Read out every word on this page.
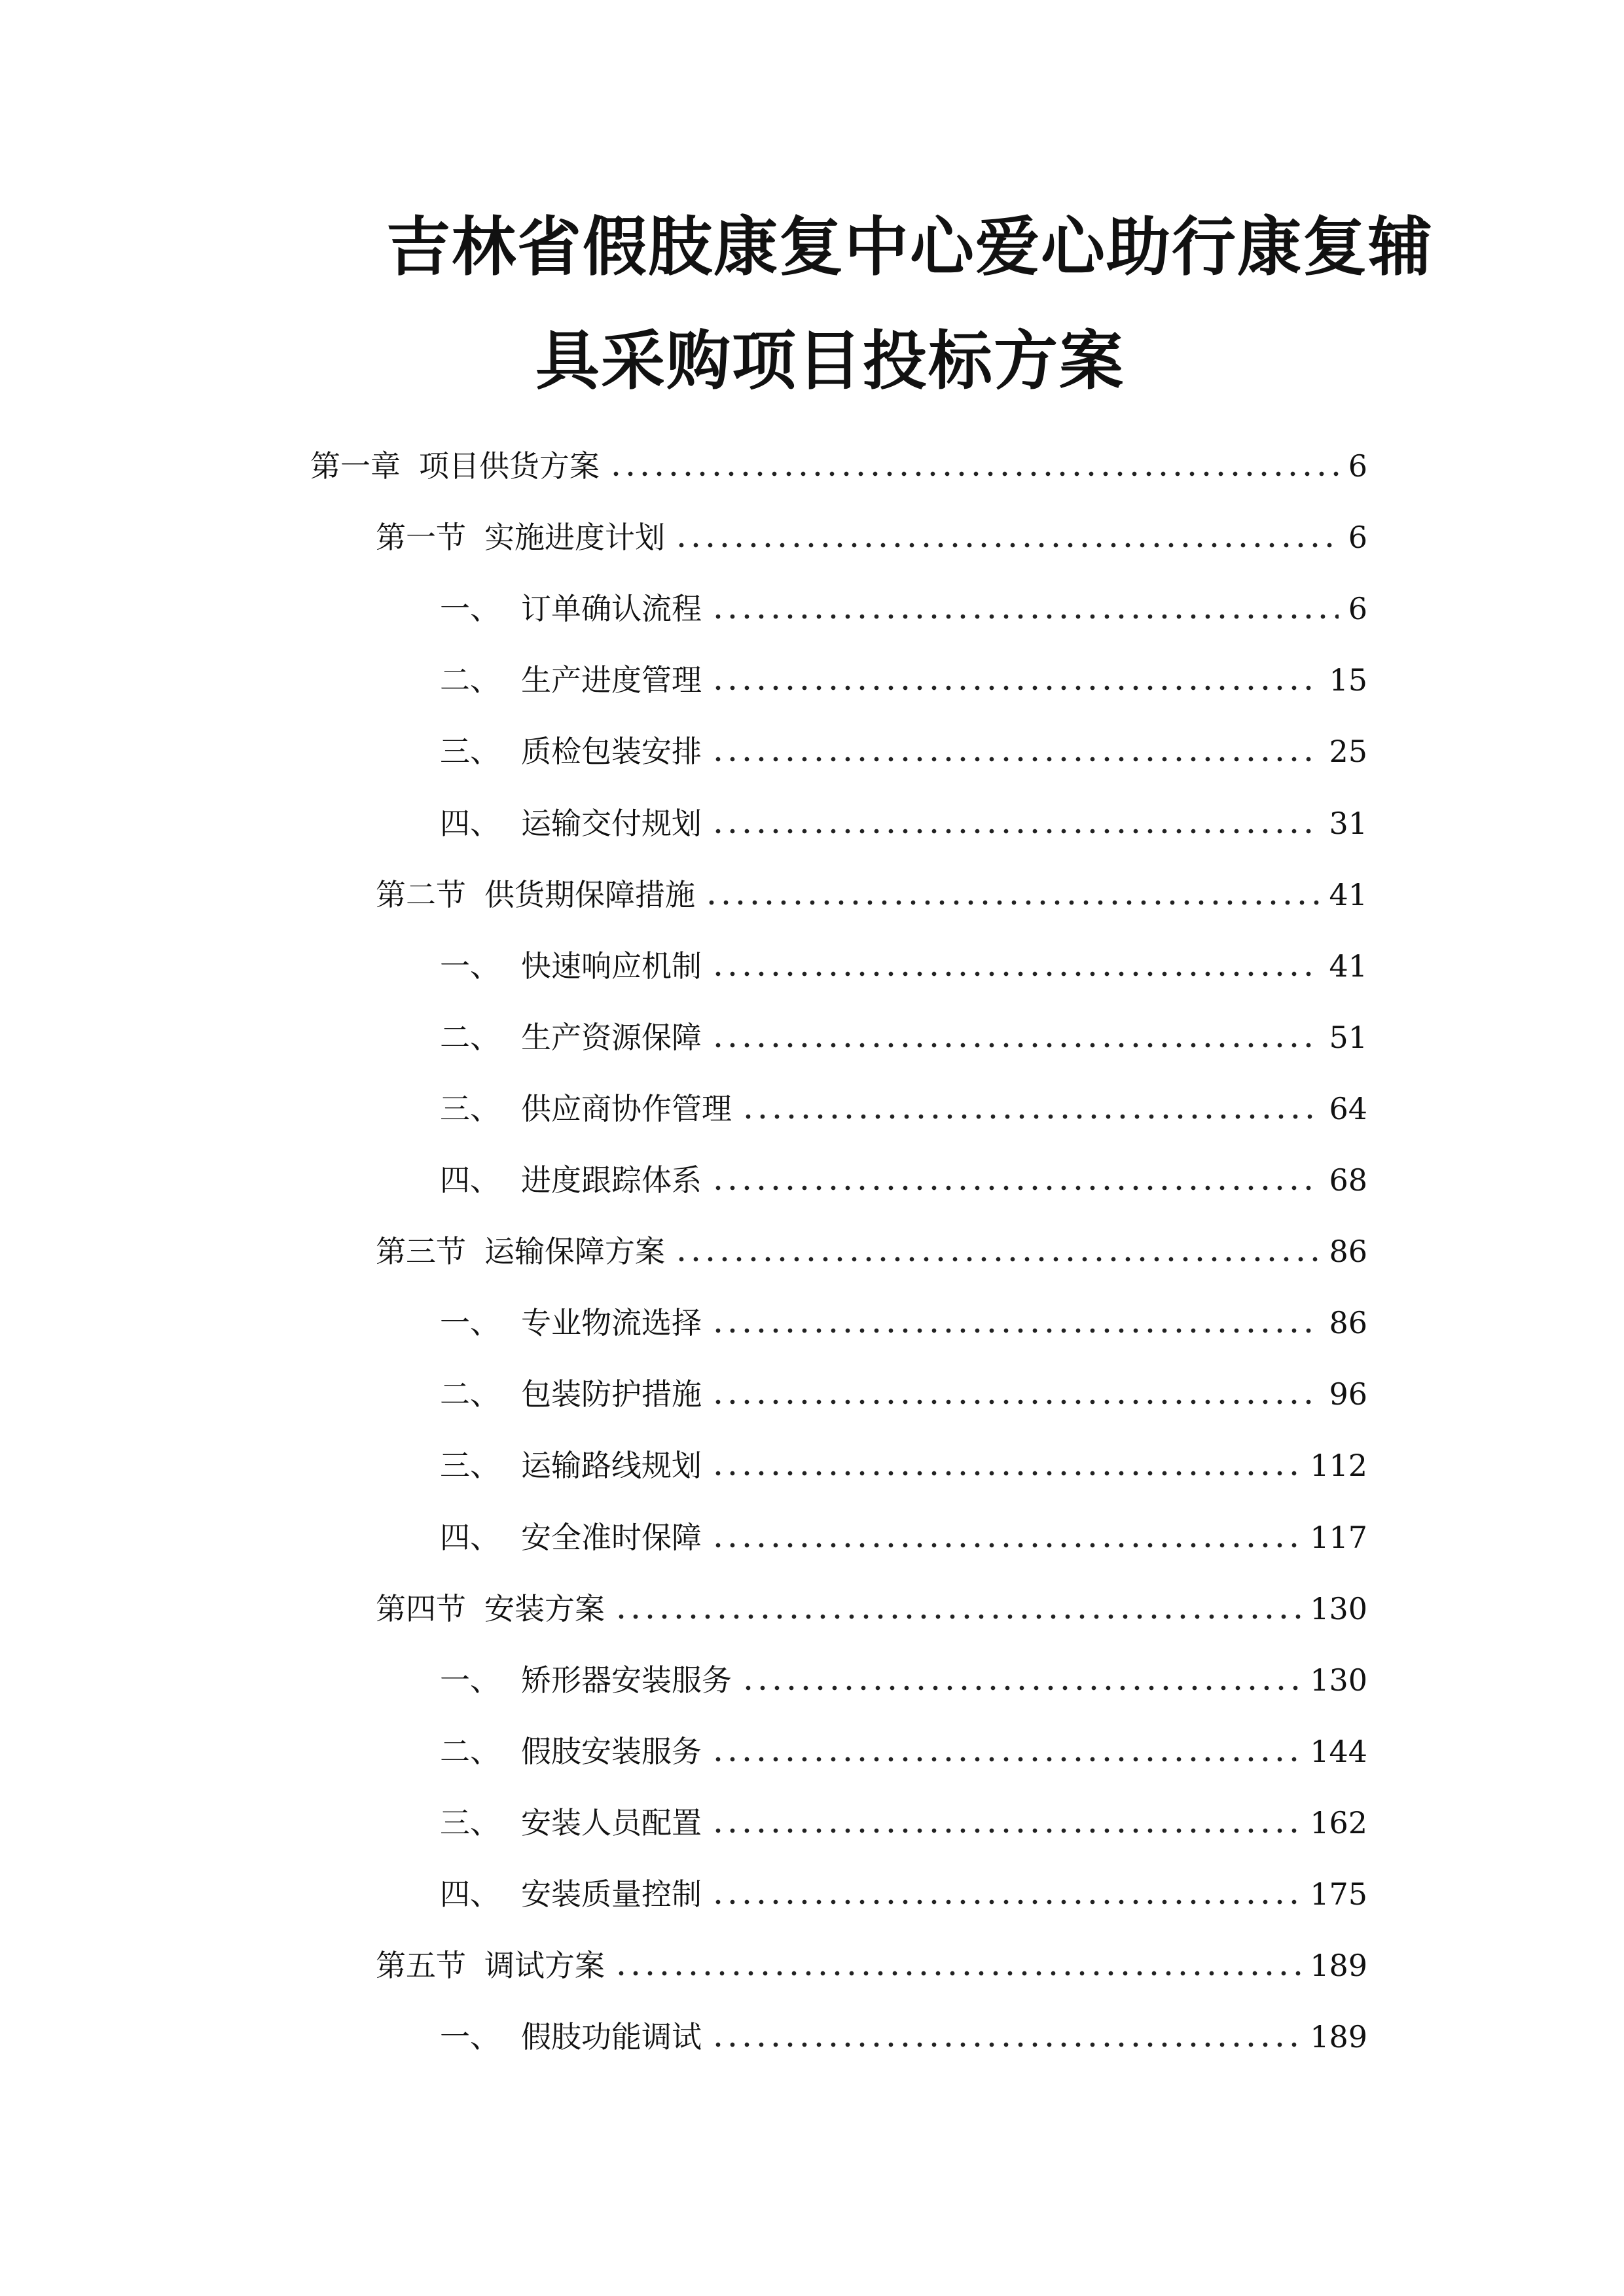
吉林省假肢康复中心爱心助行康复辅
具采购项目投标方案
第一章 项目供货方案	6
第一节 实施进度计划	6
一、 订单确认流程	6
二、 生产进度管理	15
三、 质检包装安排	25
四、 运输交付规划	31
第二节 供货期保障措施	41
一、 快速响应机制	41
二、 生产资源保障	51
三、 供应商协作管理	64
四、 进度跟踪体系	68
第三节 运输保障方案	86
一、 专业物流选择	86
二、 包装防护措施	96
三、 运输路线规划	112
四、 安全准时保障	117
第四节 安装方案	130
一、 矫形器安装服务	130
二、 假肢安装服务	144
三、 安装人员配置	162
四、 安装质量控制	175
第五节 调试方案	189
一、 假肢功能调试	189
